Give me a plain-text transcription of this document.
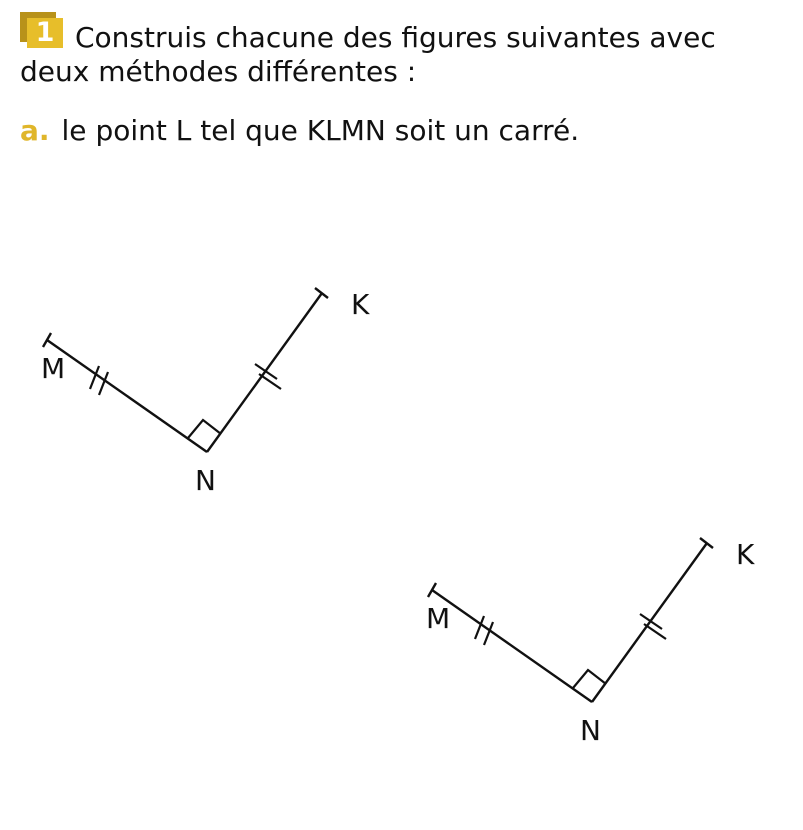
1 Construis chacune des figures suivantes avec
deux méthodes différentes :
a. le point L tel que KLMN soit un carré.
M
N
K
M
N
K
